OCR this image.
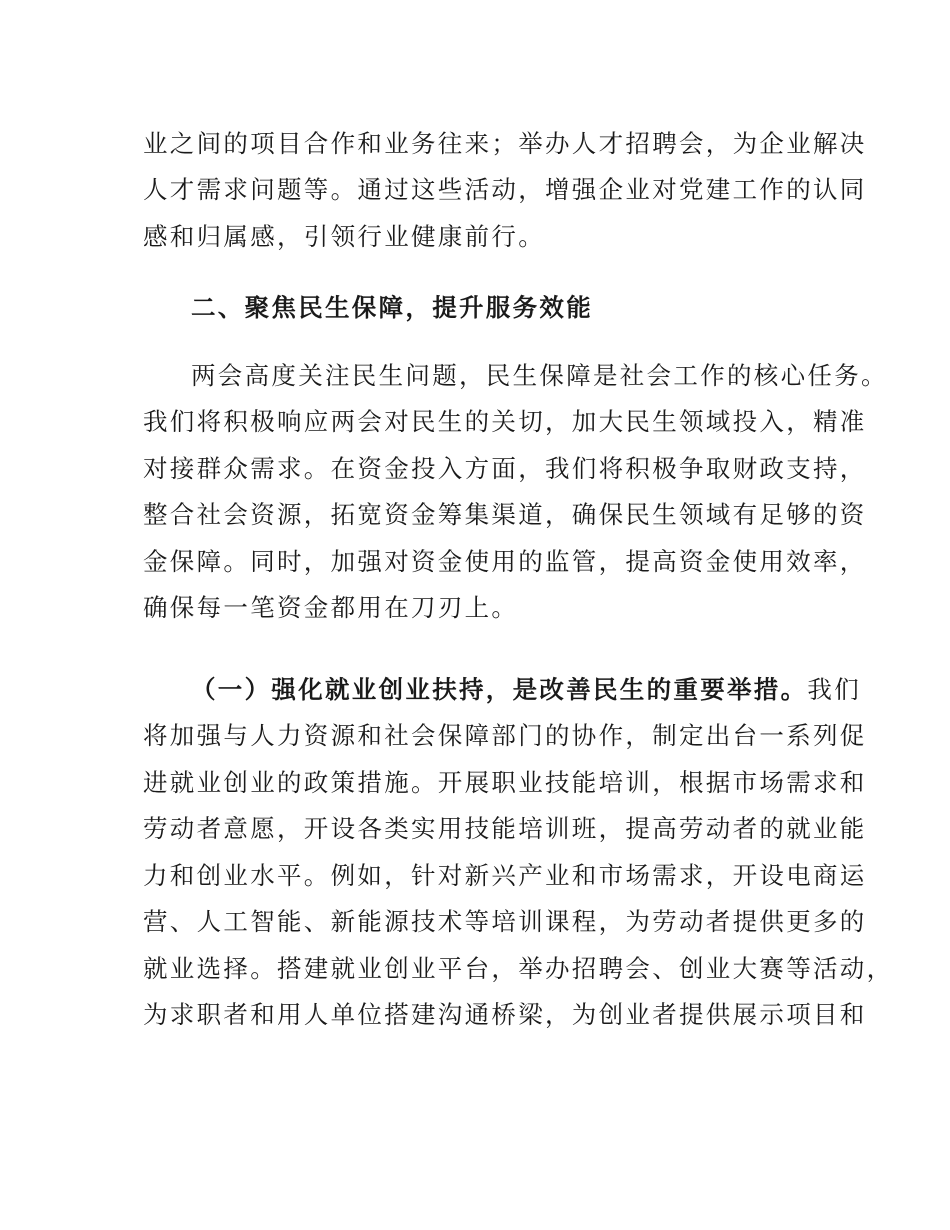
业之间的项目合作和业务往来；举办人才招聘会，为企业解决
人才需求问题等。通过这些活动，增强企业对党建工作的认同
感和归属感，引领行业健康前行。
二、聚焦民生保障，提升服务效能
两会高度关注民生问题，民生保障是社会工作的核心任务。
我们将积极响应两会对民生的关切，加大民生领域投入，精准
对接群众需求。在资金投入方面，我们将积极争取财政支持，
整合社会资源，拓宽资金筹集渠道，确保民生领域有足够的资
金保障。同时，加强对资金使用的监管，提高资金使用效率，
确保每一笔资金都用在刀刃上。
（一）强化就业创业扶持，是改善民生的重要举措。我们
将加强与人力资源和社会保障部门的协作，制定出台一系列促
进就业创业的政策措施。开展职业技能培训，根据市场需求和
劳动者意愿，开设各类实用技能培训班，提高劳动者的就业能
力和创业水平。例如，针对新兴产业和市场需求，开设电商运
营、人工智能、新能源技术等培训课程，为劳动者提供更多的
就业选择。搭建就业创业平台，举办招聘会、创业大赛等活动，
为求职者和用人单位搭建沟通桥梁，为创业者提供展示项目和
